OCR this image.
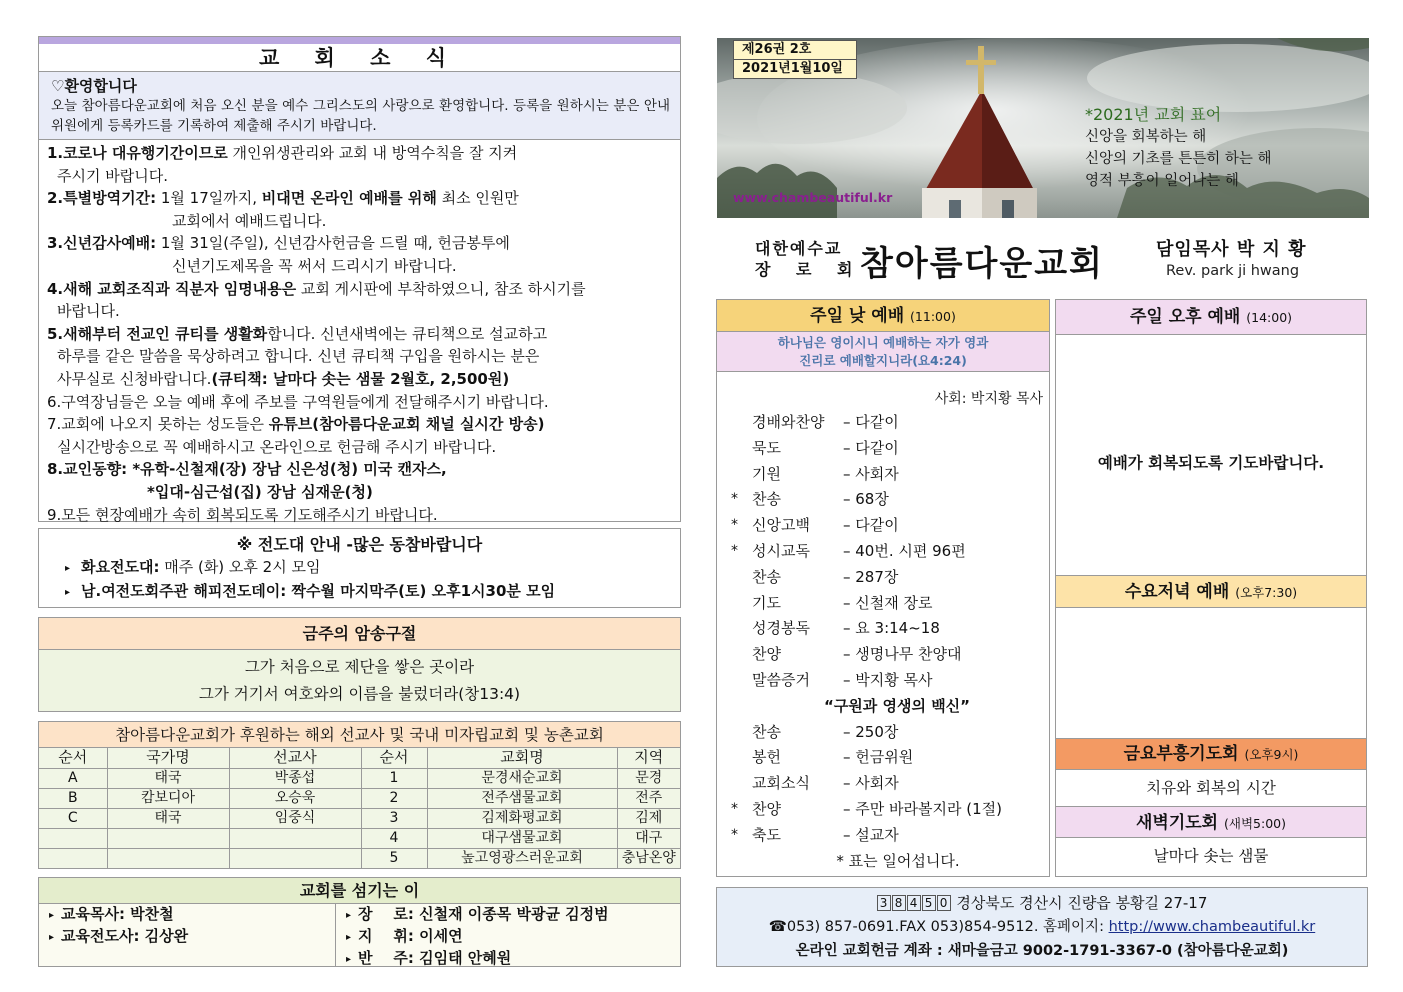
교 회 소 식
♡환영합니다
오늘 참아름다운교회에 처음 오신 분을 예수 그리스도의 사랑으로 환영합니다. 등록을 원하시는 분은 안내위원에게 등록카드를 기록하여 제출해 주시기 바랍니다.
1.코로나 대유행기간이므로 개인위생관리와 교회 내 방역수칙을 잘 지켜
주시기 바랍니다.
2.특별방역기간: 1월 17일까지, 비대면 온라인 예배를 위해 최소 인원만
교회에서 예배드립니다.
3.신년감사예배: 1월 31일(주일), 신년감사헌금을 드릴 때, 헌금봉투에
신년기도제목을 꼭 써서 드리시기 바랍니다.
4.새해 교회조직과 직분자 임명내용은 교회 게시판에 부착하였으니, 참조 하시기를
바랍니다.
5.새해부터 전교인 큐티를 생활화합니다. 신년새벽에는 큐티책으로 설교하고
하루를 같은 말씀을 묵상하려고 합니다. 신년 큐티책 구입을 원하시는 분은
사무실로 신청바랍니다.(큐티책: 날마다 솟는 샘물 2월호, 2,500원)
6.구역장님들은 오늘 예배 후에 주보를 구역원들에게 전달해주시기 바랍니다.
7.교회에 나오지 못하는 성도들은 유튜브(참아름다운교회 채널 실시간 방송)
실시간방송으로 꼭 예배하시고 온라인으로 헌금해 주시기 바랍니다.
8.교인동향: *유학-신철재(장) 장남 신은성(청) 미국 캔자스,
*입대-심근섭(집) 장남 심재운(청)
9.모든 현장예배가 속히 회복되도록 기도해주시기 바랍니다.
※ 전도대 안내 -많은 동참바랍니다
▸ 화요전도대: 매주 (화) 오후 2시 모임
▸ 남.여전도회주관 해피전도데이: 짝수월 마지막주(토) 오후1시30분 모임
금주의 암송구절
그가 처음으로 제단을 쌓은 곳이라
그가 거기서 여호와의 이름을 불렀더라(창13:4)
참아름다운교회가 후원하는 해외 선교사 및 국내 미자립교회 및 농촌교회
순서	국가명	선교사	순서	교회명	지역
A	태국	박종섭	1	문경새순교회	문경
B	캄보디아	오승욱	2	전주샘물교회	전주
C	태국	임중식	3	김제화평교회	김제
			4	대구샘물교회	대구
			5	높고영광스러운교회	충남온양
교회를 섬기는 이
▸ 교육목사: 박찬철
▸ 교육전도사: 김상완
▸ 장    로: 신철재 이종목 박광균 김정범
▸ 지    휘: 이세연
▸ 반    주: 김임태 안혜원
제26권 2호
2021년1월10일
*2021년 교회 표어
신앙을 회복하는 해
신앙의 기초를 튼튼히 하는 해
영적 부흥이 일어나는 해
www.chambeautiful.kr
대한예수교
장 로 회
참아름다운교회	담임목사 박 지 황
Rev. park ji hwang
주일 낮 예배 (11:00)
하나님은 영이시니 예배하는 자가 영과
진리로 예배할지니라(요4:24)
사회: 박지황 목사
경배와찬양	– 다같이
묵도	– 다같이
기원	– 사회자
* 찬송	– 68장
* 신앙고백	– 다같이
* 성시교독	– 40번. 시편 96편
찬송	– 287장
기도	– 신철재 장로
성경봉독	– 요 3:14~18
찬양	– 생명나무 찬양대
말씀증거	– 박지황 목사
“구원과 영생의 백신”
찬송	– 250장
봉헌	– 헌금위원
교회소식	– 사회자
* 찬양	– 주만 바라볼지라 (1절)
* 축도	– 설교자
* 표는 일어섭니다.
주일 오후 예배 (14:00)
예배가 회복되도록 기도바랍니다.
수요저녁 예배 (오후7:30)
금요부흥기도회 (오후9시)
치유와 회복의 시간
새벽기도회 (새벽5:00)
날마다 솟는 샘물
3 8 4 5 0 경상북도 경산시 진량읍 봉황길 27-17
☎053) 857-0691.FAX 053)854-9512. 홈페이지: http://www.chambeautiful.kr
온라인 교회헌금 계좌 : 새마을금고 9002-1791-3367-0 (참아름다운교회)
